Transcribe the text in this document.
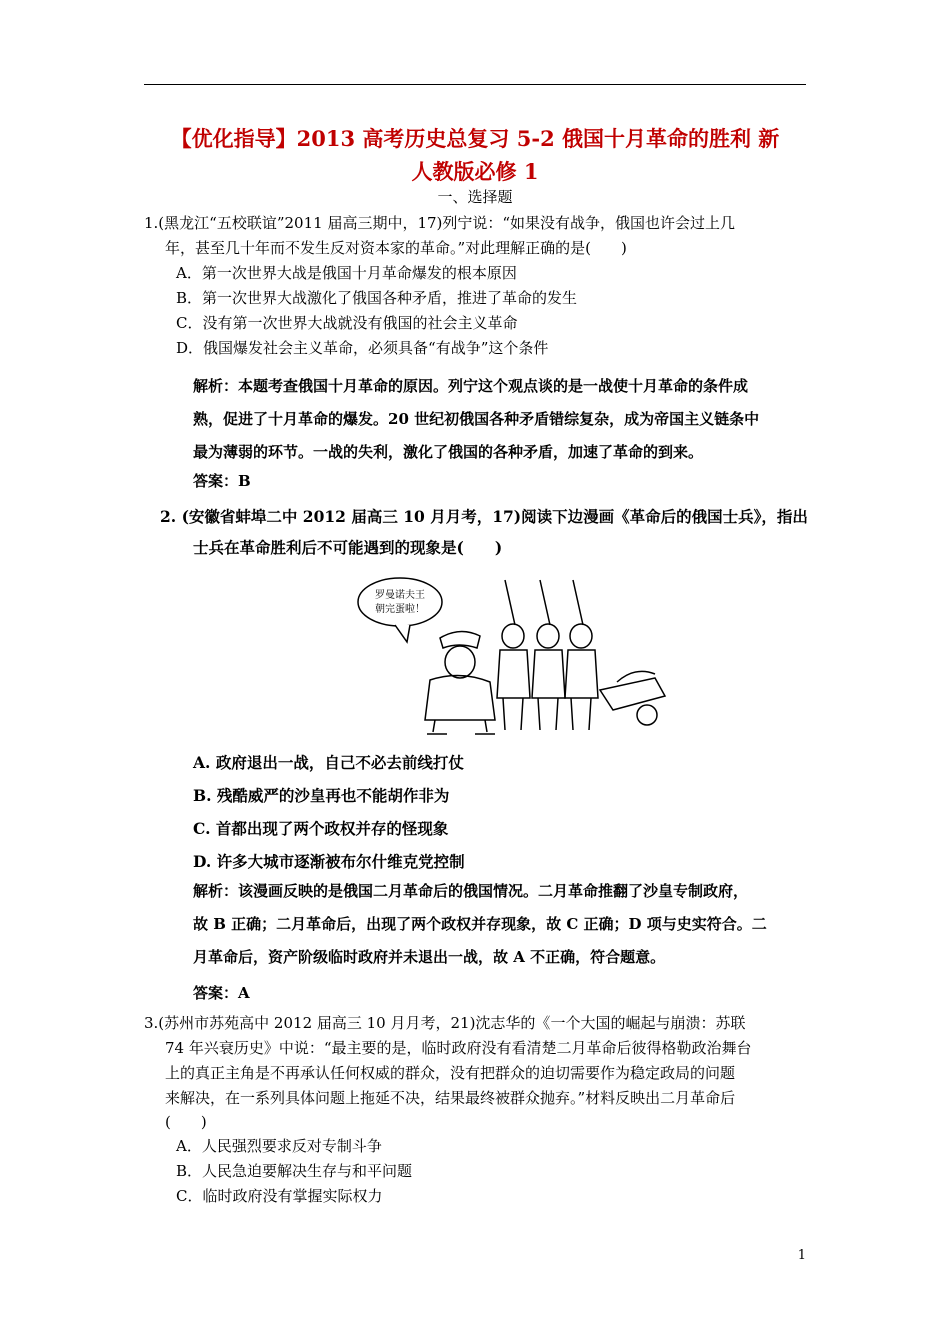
【优化指导】2013 高考历史总复习 5-2 俄国十月革命的胜利 新
人教版必修 1
一、选择题
1.(黑龙江“五校联谊”2011 届高三期中，17)列宁说：“如果没有战争，俄国也许会过上几
年，甚至几十年而不发生反对资本家的革命。”对此理解正确的是(　　)
A．第一次世界大战是俄国十月革命爆发的根本原因
B．第一次世界大战激化了俄国各种矛盾，推进了革命的发生
C．没有第一次世界大战就没有俄国的社会主义革命
D．俄国爆发社会主义革命，必须具备“有战争”这个条件
解析：本题考查俄国十月革命的原因。列宁这个观点谈的是一战使十月革命的条件成
熟，促进了十月革命的爆发。20 世纪初俄国各种矛盾错综复杂，成为帝国主义链条中
最为薄弱的环节。一战的失利，激化了俄国的各种矛盾，加速了革命的到来。
答案：B
2. (安徽省蚌埠二中 2012 届高三 10 月月考，17)阅读下边漫画《革命后的俄国士兵》，指出
士兵在革命胜利后不可能遇到的现象是(　　)
罗曼诺夫王
朝完蛋啦！
A. 政府退出一战，自己不必去前线打仗
B. 残酷威严的沙皇再也不能胡作非为
C. 首都出现了两个政权并存的怪现象
D. 许多大城市逐渐被布尔什维克党控制
解析：该漫画反映的是俄国二月革命后的俄国情况。二月革命推翻了沙皇专制政府，
故 B 正确；二月革命后，出现了两个政权并存现象，故 C 正确；D 项与史实符合。二
月革命后，资产阶级临时政府并未退出一战，故 A 不正确，符合题意。
答案：A
3.(苏州市苏苑高中 2012 届高三 10 月月考，21)沈志华的《一个大国的崛起与崩溃：苏联
74 年兴衰历史》中说：“最主要的是，临时政府没有看清楚二月革命后彼得格勒政治舞台
上的真正主角是不再承认任何权威的群众，没有把群众的迫切需要作为稳定政局的问题
来解决，在一系列具体问题上拖延不决，结果最终被群众抛弃。”材料反映出二月革命后
(　　)
A．人民强烈要求反对专制斗争
B．人民急迫要解决生存与和平问题
C．临时政府没有掌握实际权力
1
